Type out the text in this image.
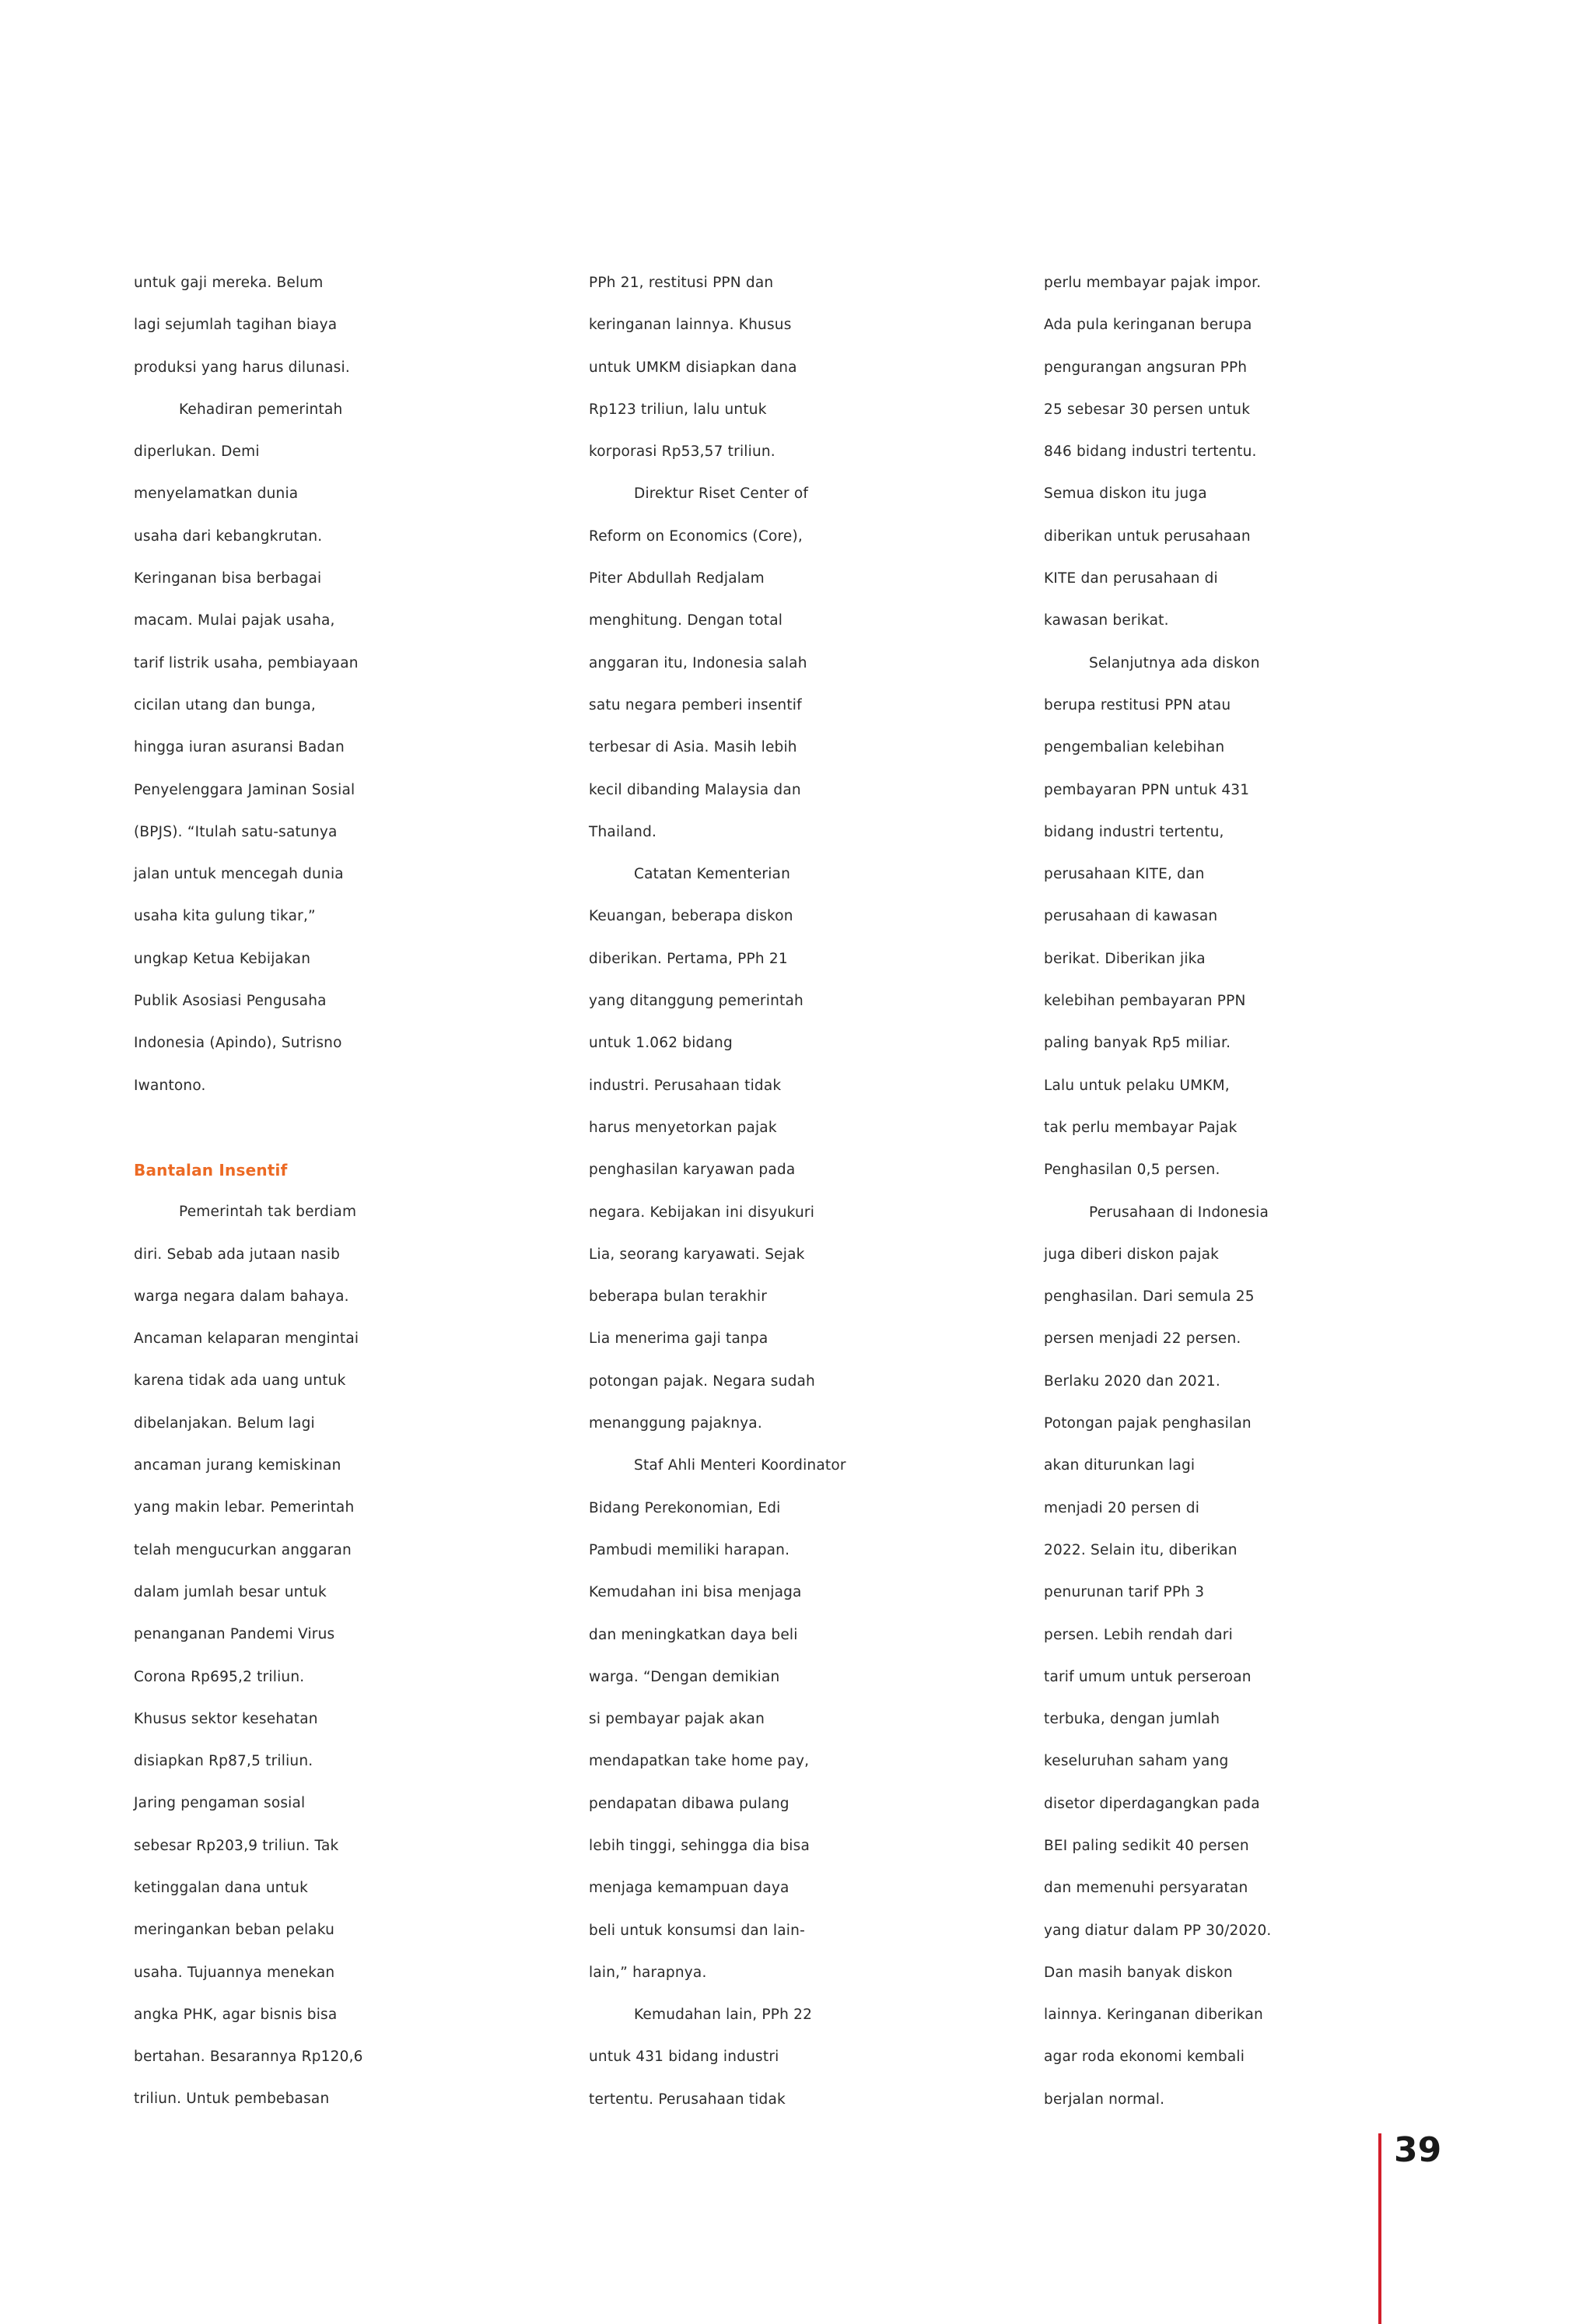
untuk gaji mereka. Belum
lagi sejumlah tagihan biaya
produksi yang harus dilunasi.
Kehadiran pemerintah
diperlukan. Demi
menyelamatkan dunia
usaha dari kebangkrutan.
Keringanan bisa berbagai
macam. Mulai pajak usaha,
tarif listrik usaha, pembiayaan
cicilan utang dan bunga,
hingga iuran asuransi Badan
Penyelenggara Jaminan Sosial
(BPJS). “Itulah satu-satunya
jalan untuk mencegah dunia
usaha kita gulung tikar,”
ungkap Ketua Kebijakan
Publik Asosiasi Pengusaha
Indonesia (Apindo), Sutrisno
Iwantono.
Bantalan Insentif
Pemerintah tak berdiam
diri. Sebab ada jutaan nasib
warga negara dalam bahaya.
Ancaman kelaparan mengintai
karena tidak ada uang untuk
dibelanjakan. Belum lagi
ancaman jurang kemiskinan
yang makin lebar. Pemerintah
telah mengucurkan anggaran
dalam jumlah besar untuk
penanganan Pandemi Virus
Corona Rp695,2 triliun.
Khusus sektor kesehatan
disiapkan Rp87,5 triliun.
Jaring pengaman sosial
sebesar Rp203,9 triliun. Tak
ketinggalan dana untuk
meringankan beban pelaku
usaha. Tujuannya menekan
angka PHK, agar bisnis bisa
bertahan. Besarannya Rp120,6
triliun. Untuk pembebasan
PPh 21, restitusi PPN dan
keringanan lainnya. Khusus
untuk UMKM disiapkan dana
Rp123 triliun, lalu untuk
korporasi Rp53,57 triliun.
Direktur Riset Center of
Reform on Economics (Core),
Piter Abdullah Redjalam
menghitung. Dengan total
anggaran itu, Indonesia salah
satu negara pemberi insentif
terbesar di Asia. Masih lebih
kecil dibanding Malaysia dan
Thailand.
Catatan Kementerian
Keuangan, beberapa diskon
diberikan. Pertama, PPh 21
yang ditanggung pemerintah
untuk 1.062 bidang
industri. Perusahaan tidak
harus menyetorkan pajak
penghasilan karyawan pada
negara. Kebijakan ini disyukuri
Lia, seorang karyawati. Sejak
beberapa bulan terakhir
Lia menerima gaji tanpa
potongan pajak. Negara sudah
menanggung pajaknya.
Staf Ahli Menteri Koordinator
Bidang Perekonomian, Edi
Pambudi memiliki harapan.
Kemudahan ini bisa menjaga
dan meningkatkan daya beli
warga. “Dengan demikian
si pembayar pajak akan
mendapatkan take home pay,
pendapatan dibawa pulang
lebih tinggi, sehingga dia bisa
menjaga kemampuan daya
beli untuk konsumsi dan lain-
lain,” harapnya.
Kemudahan lain, PPh 22
untuk 431 bidang industri
tertentu. Perusahaan tidak
perlu membayar pajak impor.
Ada pula keringanan berupa
pengurangan angsuran PPh
25 sebesar 30 persen untuk
846 bidang industri tertentu.
Semua diskon itu juga
diberikan untuk perusahaan
KITE dan perusahaan di
kawasan berikat.
Selanjutnya ada diskon
berupa restitusi PPN atau
pengembalian kelebihan
pembayaran PPN untuk 431
bidang industri tertentu,
perusahaan KITE, dan
perusahaan di kawasan
berikat. Diberikan jika
kelebihan pembayaran PPN
paling banyak Rp5 miliar.
Lalu untuk pelaku UMKM,
tak perlu membayar Pajak
Penghasilan 0,5 persen.
Perusahaan di Indonesia
juga diberi diskon pajak
penghasilan. Dari semula 25
persen menjadi 22 persen.
Berlaku 2020 dan 2021.
Potongan pajak penghasilan
akan diturunkan lagi
menjadi 20 persen di
2022. Selain itu, diberikan
penurunan tarif PPh 3
persen. Lebih rendah dari
tarif umum untuk perseroan
terbuka, dengan jumlah
keseluruhan saham yang
disetor diperdagangkan pada
BEI paling sedikit 40 persen
dan memenuhi persyaratan
yang diatur dalam PP 30/2020.
Dan masih banyak diskon
lainnya. Keringanan diberikan
agar roda ekonomi kembali
berjalan normal.
39
